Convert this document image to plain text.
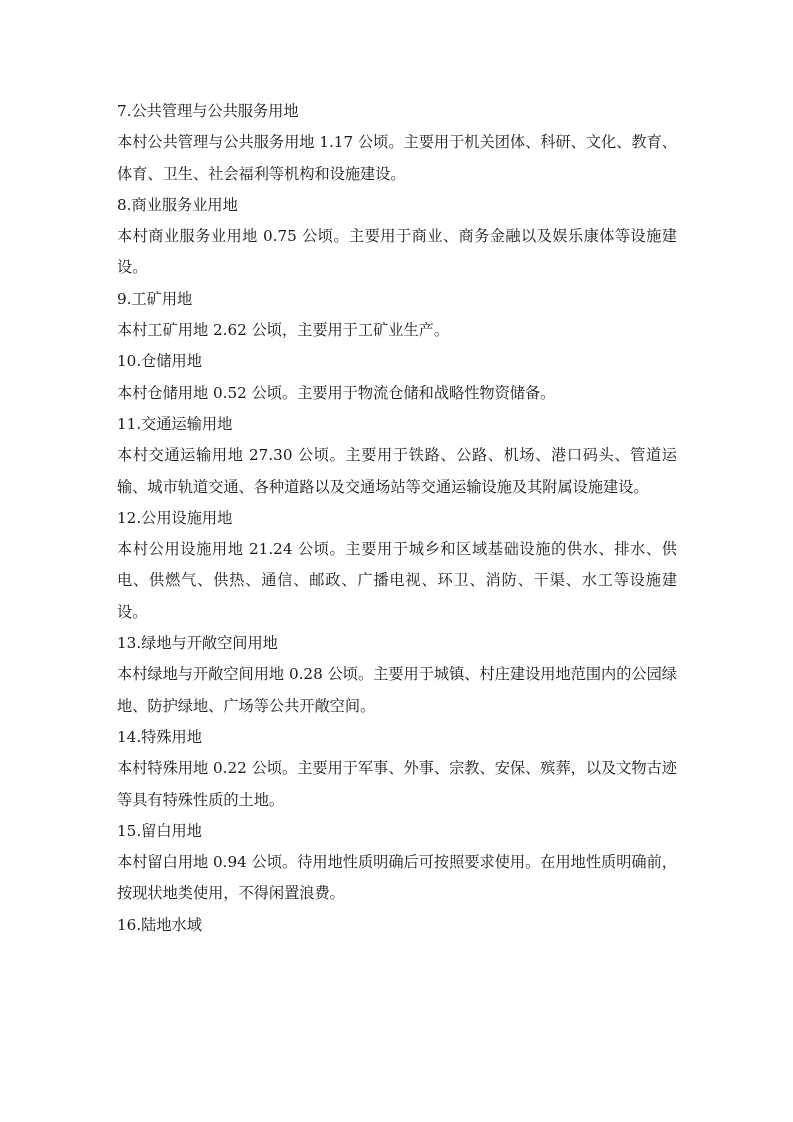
7.公共管理与公共服务用地

本村公共管理与公共服务用地 1.17 公顷。主要用于机关团体、科研、文化、教育、体育、卫生、社会福利等机构和设施建设。

8.商业服务业用地

本村商业服务业用地 0.75 公顷。主要用于商业、商务金融以及娱乐康体等设施建设。

9.工矿用地

本村工矿用地 2.62 公顷，主要用于工矿业生产。

10.仓储用地

本村仓储用地 0.52 公顷。主要用于物流仓储和战略性物资储备。

11.交通运输用地

本村交通运输用地 27.30 公顷。主要用于铁路、公路、机场、港口码头、管道运输、城市轨道交通、各种道路以及交通场站等交通运输设施及其附属设施建设。

12.公用设施用地

本村公用设施用地 21.24 公顷。主要用于城乡和区域基础设施的供水、排水、供电、供燃气、供热、通信、邮政、广播电视、环卫、消防、干渠、水工等设施建设。

13.绿地与开敞空间用地

本村绿地与开敞空间用地 0.28 公顷。主要用于城镇、村庄建设用地范围内的公园绿地、防护绿地、广场等公共开敞空间。

14.特殊用地

本村特殊用地 0.22 公顷。主要用于军事、外事、宗教、安保、殡葬，以及文物古迹等具有特殊性质的土地。

15.留白用地

本村留白用地 0.94 公顷。待用地性质明确后可按照要求使用。在用地性质明确前，按现状地类使用，不得闲置浪费。

16.陆地水域
